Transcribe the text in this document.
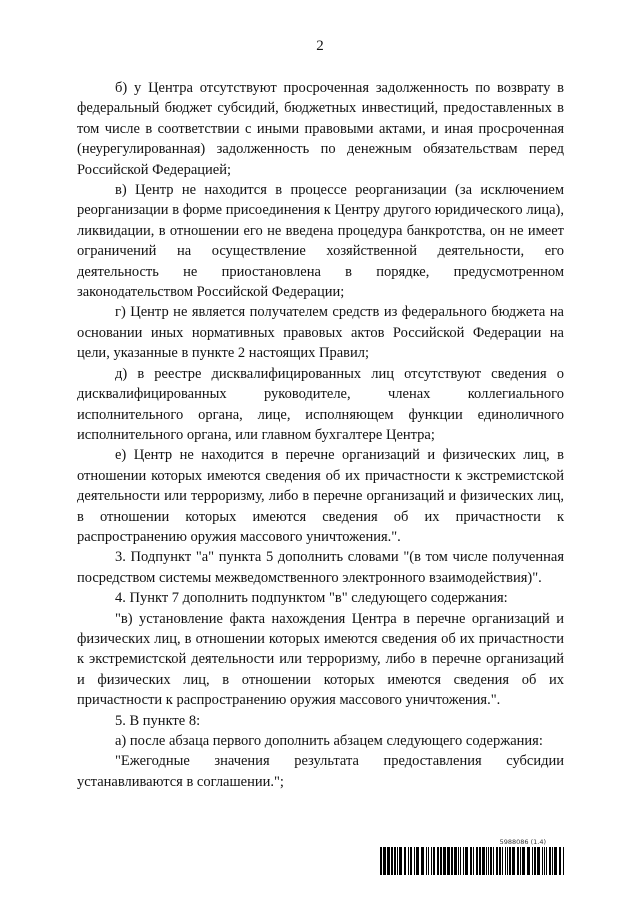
2

б) у Центра отсутствуют просроченная задолженность по возврату в федеральный бюджет субсидий, бюджетных инвестиций, предоставленных в том числе в соответствии с иными правовыми актами, и иная просроченная (неурегулированная) задолженность по денежным обязательствам перед Российской Федерацией;

в) Центр не находится в процессе реорганизации (за исключением реорганизации в форме присоединения к Центру другого юридического лица), ликвидации, в отношении его не введена процедура банкротства, он не имеет ограничений на осуществление хозяйственной деятельности, его деятельность не приостановлена в порядке, предусмотренном законодательством Российской Федерации;

г) Центр не является получателем средств из федерального бюджета на основании иных нормативных правовых актов Российской Федерации на цели, указанные в пункте 2 настоящих Правил;

д) в реестре дисквалифицированных лиц отсутствуют сведения о дисквалифицированных руководителе, членах коллегиального исполнительного органа, лице, исполняющем функции единоличного исполнительного органа, или главном бухгалтере Центра;

е) Центр не находится в перечне организаций и физических лиц, в отношении которых имеются сведения об их причастности к экстремистской деятельности или терроризму, либо в перечне организаций и физических лиц, в отношении которых имеются сведения об их причастности к распространению оружия массового уничтожения.".

3. Подпункт "а" пункта 5 дополнить словами "(в том числе полученная посредством системы межведомственного электронного взаимодействия)".

4. Пункт 7 дополнить подпунктом "в" следующего содержания:

"в) установление факта нахождения Центра в перечне организаций и физических лиц, в отношении которых имеются сведения об их причастности к экстремистской деятельности или терроризму, либо в перечне организаций и физических лиц, в отношении которых имеются сведения об их причастности к распространению оружия массового уничтожения.".

5. В пункте 8:

а) после абзаца первого дополнить абзацем следующего содержания:

"Ежегодные значения результата предоставления субсидии устанавливаются в соглашении.";

5988086 (1.4)
